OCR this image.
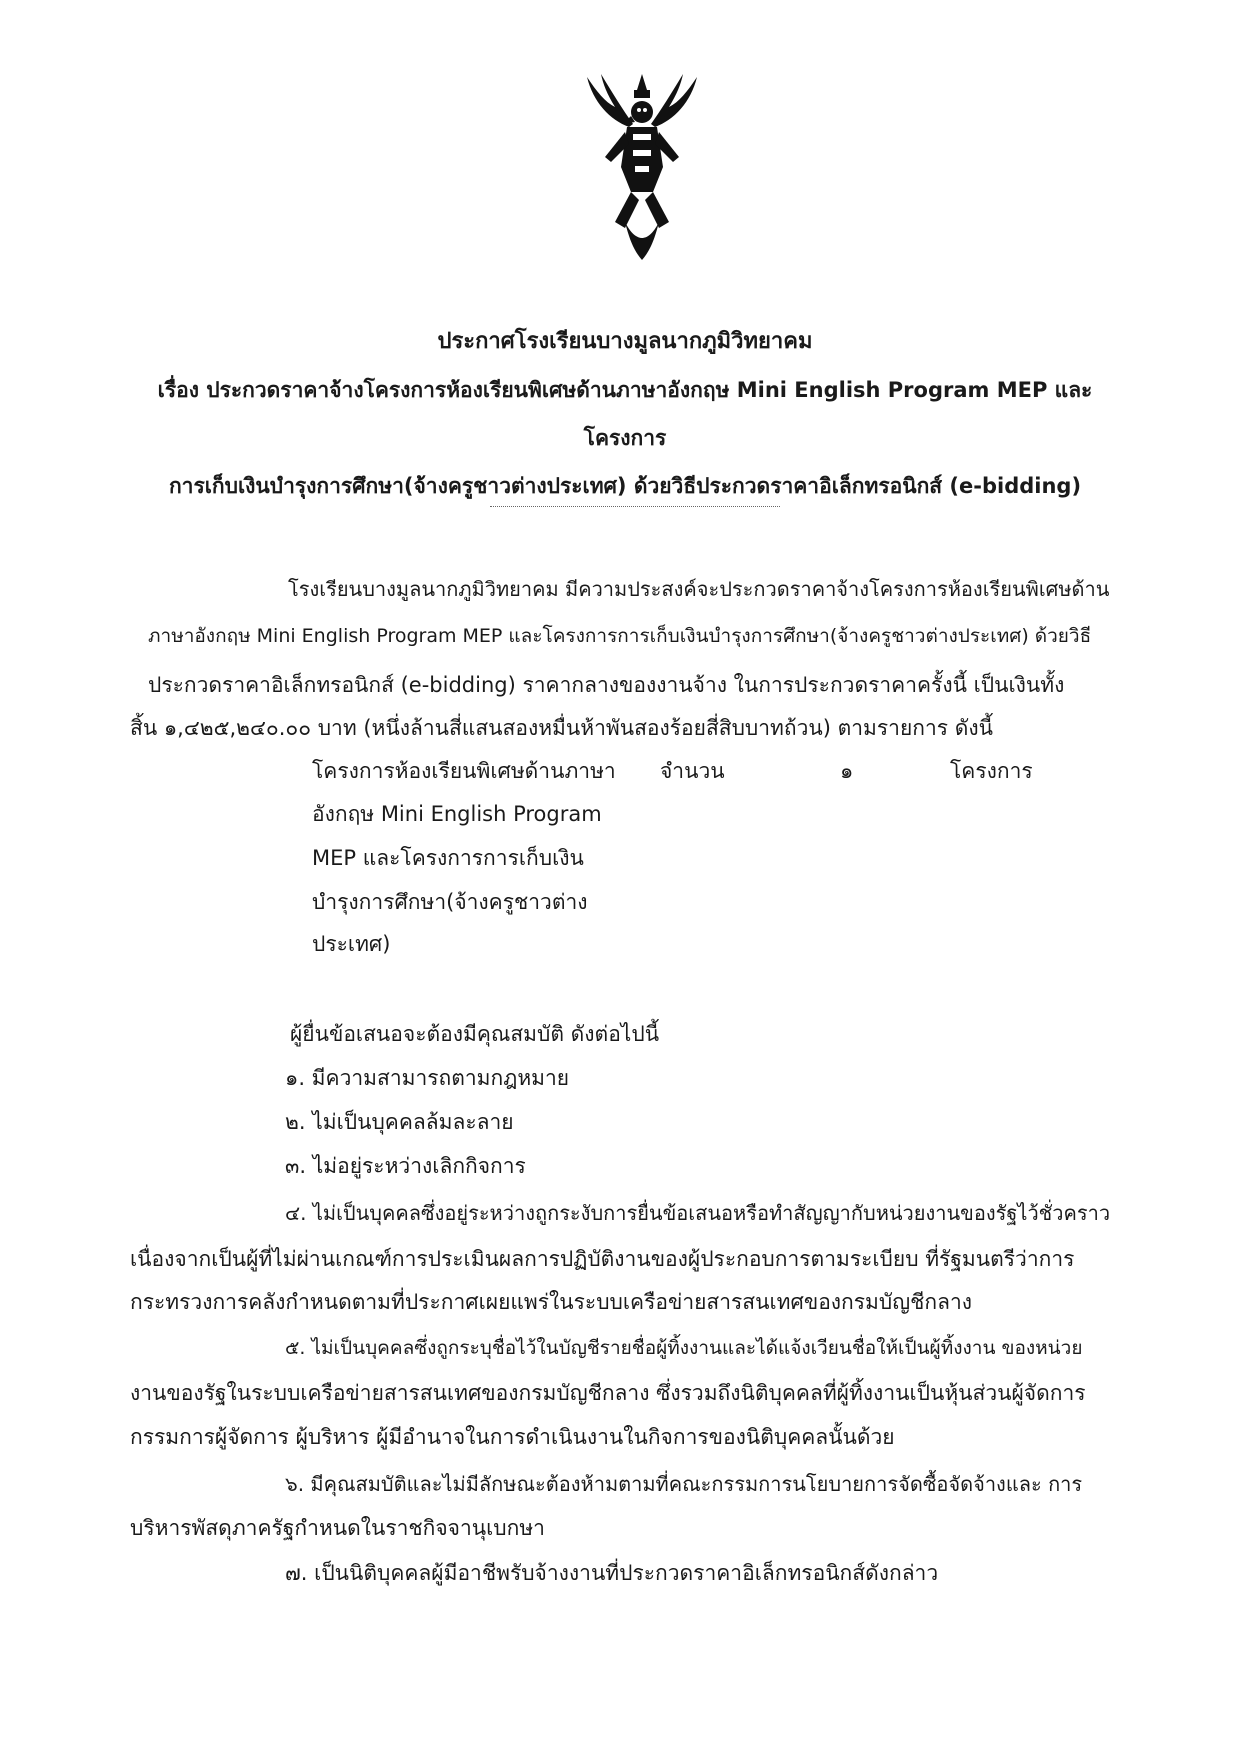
ประกาศโรงเรียนบางมูลนากภูมิวิทยาคม
เรื่อง ประกวดราคาจ้างโครงการห้องเรียนพิเศษด้านภาษาอังกฤษ Mini English Program MEP และโครงการ
การเก็บเงินบำรุงการศึกษา(จ้างครูชาวต่างประเทศ) ด้วยวิธีประกวดราคาอิเล็กทรอนิกส์ (e-bidding)
โรงเรียนบางมูลนากภูมิวิทยาคม มีความประสงค์จะประกวดราคาจ้างโครงการห้องเรียนพิเศษด้าน
ภาษาอังกฤษ Mini English Program MEP และโครงการการเก็บเงินบำรุงการศึกษา(จ้างครูชาวต่างประเทศ) ด้วยวิธี
ประกวดราคาอิเล็กทรอนิกส์ (e-bidding) ราคากลางของงานจ้าง ในการประกวดราคาครั้งนี้ เป็นเงินทั้ง
สิ้น ๑,๔๒๕,๒๔๐.๐๐ บาท (หนึ่งล้านสี่แสนสองหมื่นห้าพันสองร้อยสี่สิบบาทถ้วน) ตามรายการ ดังนี้
โครงการห้องเรียนพิเศษด้านภาษา
อังกฤษ Mini English Program
MEP และโครงการการเก็บเงิน
บำรุงการศึกษา(จ้างครูชาวต่าง
ประเทศ)
จำนวน	๑	โครงการ
ผู้ยื่นข้อเสนอจะต้องมีคุณสมบัติ ดังต่อไปนี้
๑. มีความสามารถตามกฎหมาย
๒. ไม่เป็นบุคคลล้มละลาย
๓. ไม่อยู่ระหว่างเลิกกิจการ
๔. ไม่เป็นบุคคลซึ่งอยู่ระหว่างถูกระงับการยื่นข้อเสนอหรือทำสัญญากับหน่วยงานของรัฐไว้ชั่วคราว
เนื่องจากเป็นผู้ที่ไม่ผ่านเกณฑ์การประเมินผลการปฏิบัติงานของผู้ประกอบการตามระเบียบ ที่รัฐมนตรีว่าการ
กระทรวงการคลังกำหนดตามที่ประกาศเผยแพร่ในระบบเครือข่ายสารสนเทศของกรมบัญชีกลาง
๕. ไม่เป็นบุคคลซึ่งถูกระบุชื่อไว้ในบัญชีรายชื่อผู้ทิ้งงานและได้แจ้งเวียนชื่อให้เป็นผู้ทิ้งงาน ของหน่วย
งานของรัฐในระบบเครือข่ายสารสนเทศของกรมบัญชีกลาง ซึ่งรวมถึงนิติบุคคลที่ผู้ทิ้งงานเป็นหุ้นส่วนผู้จัดการ
กรรมการผู้จัดการ ผู้บริหาร ผู้มีอำนาจในการดำเนินงานในกิจการของนิติบุคคลนั้นด้วย
๖. มีคุณสมบัติและไม่มีลักษณะต้องห้ามตามที่คณะกรรมการนโยบายการจัดซื้อจัดจ้างและ การ
บริหารพัสดุภาครัฐกำหนดในราชกิจจานุเบกษา
๗. เป็นนิติบุคคลผู้มีอาชีพรับจ้างงานที่ประกวดราคาอิเล็กทรอนิกส์ดังกล่าว
